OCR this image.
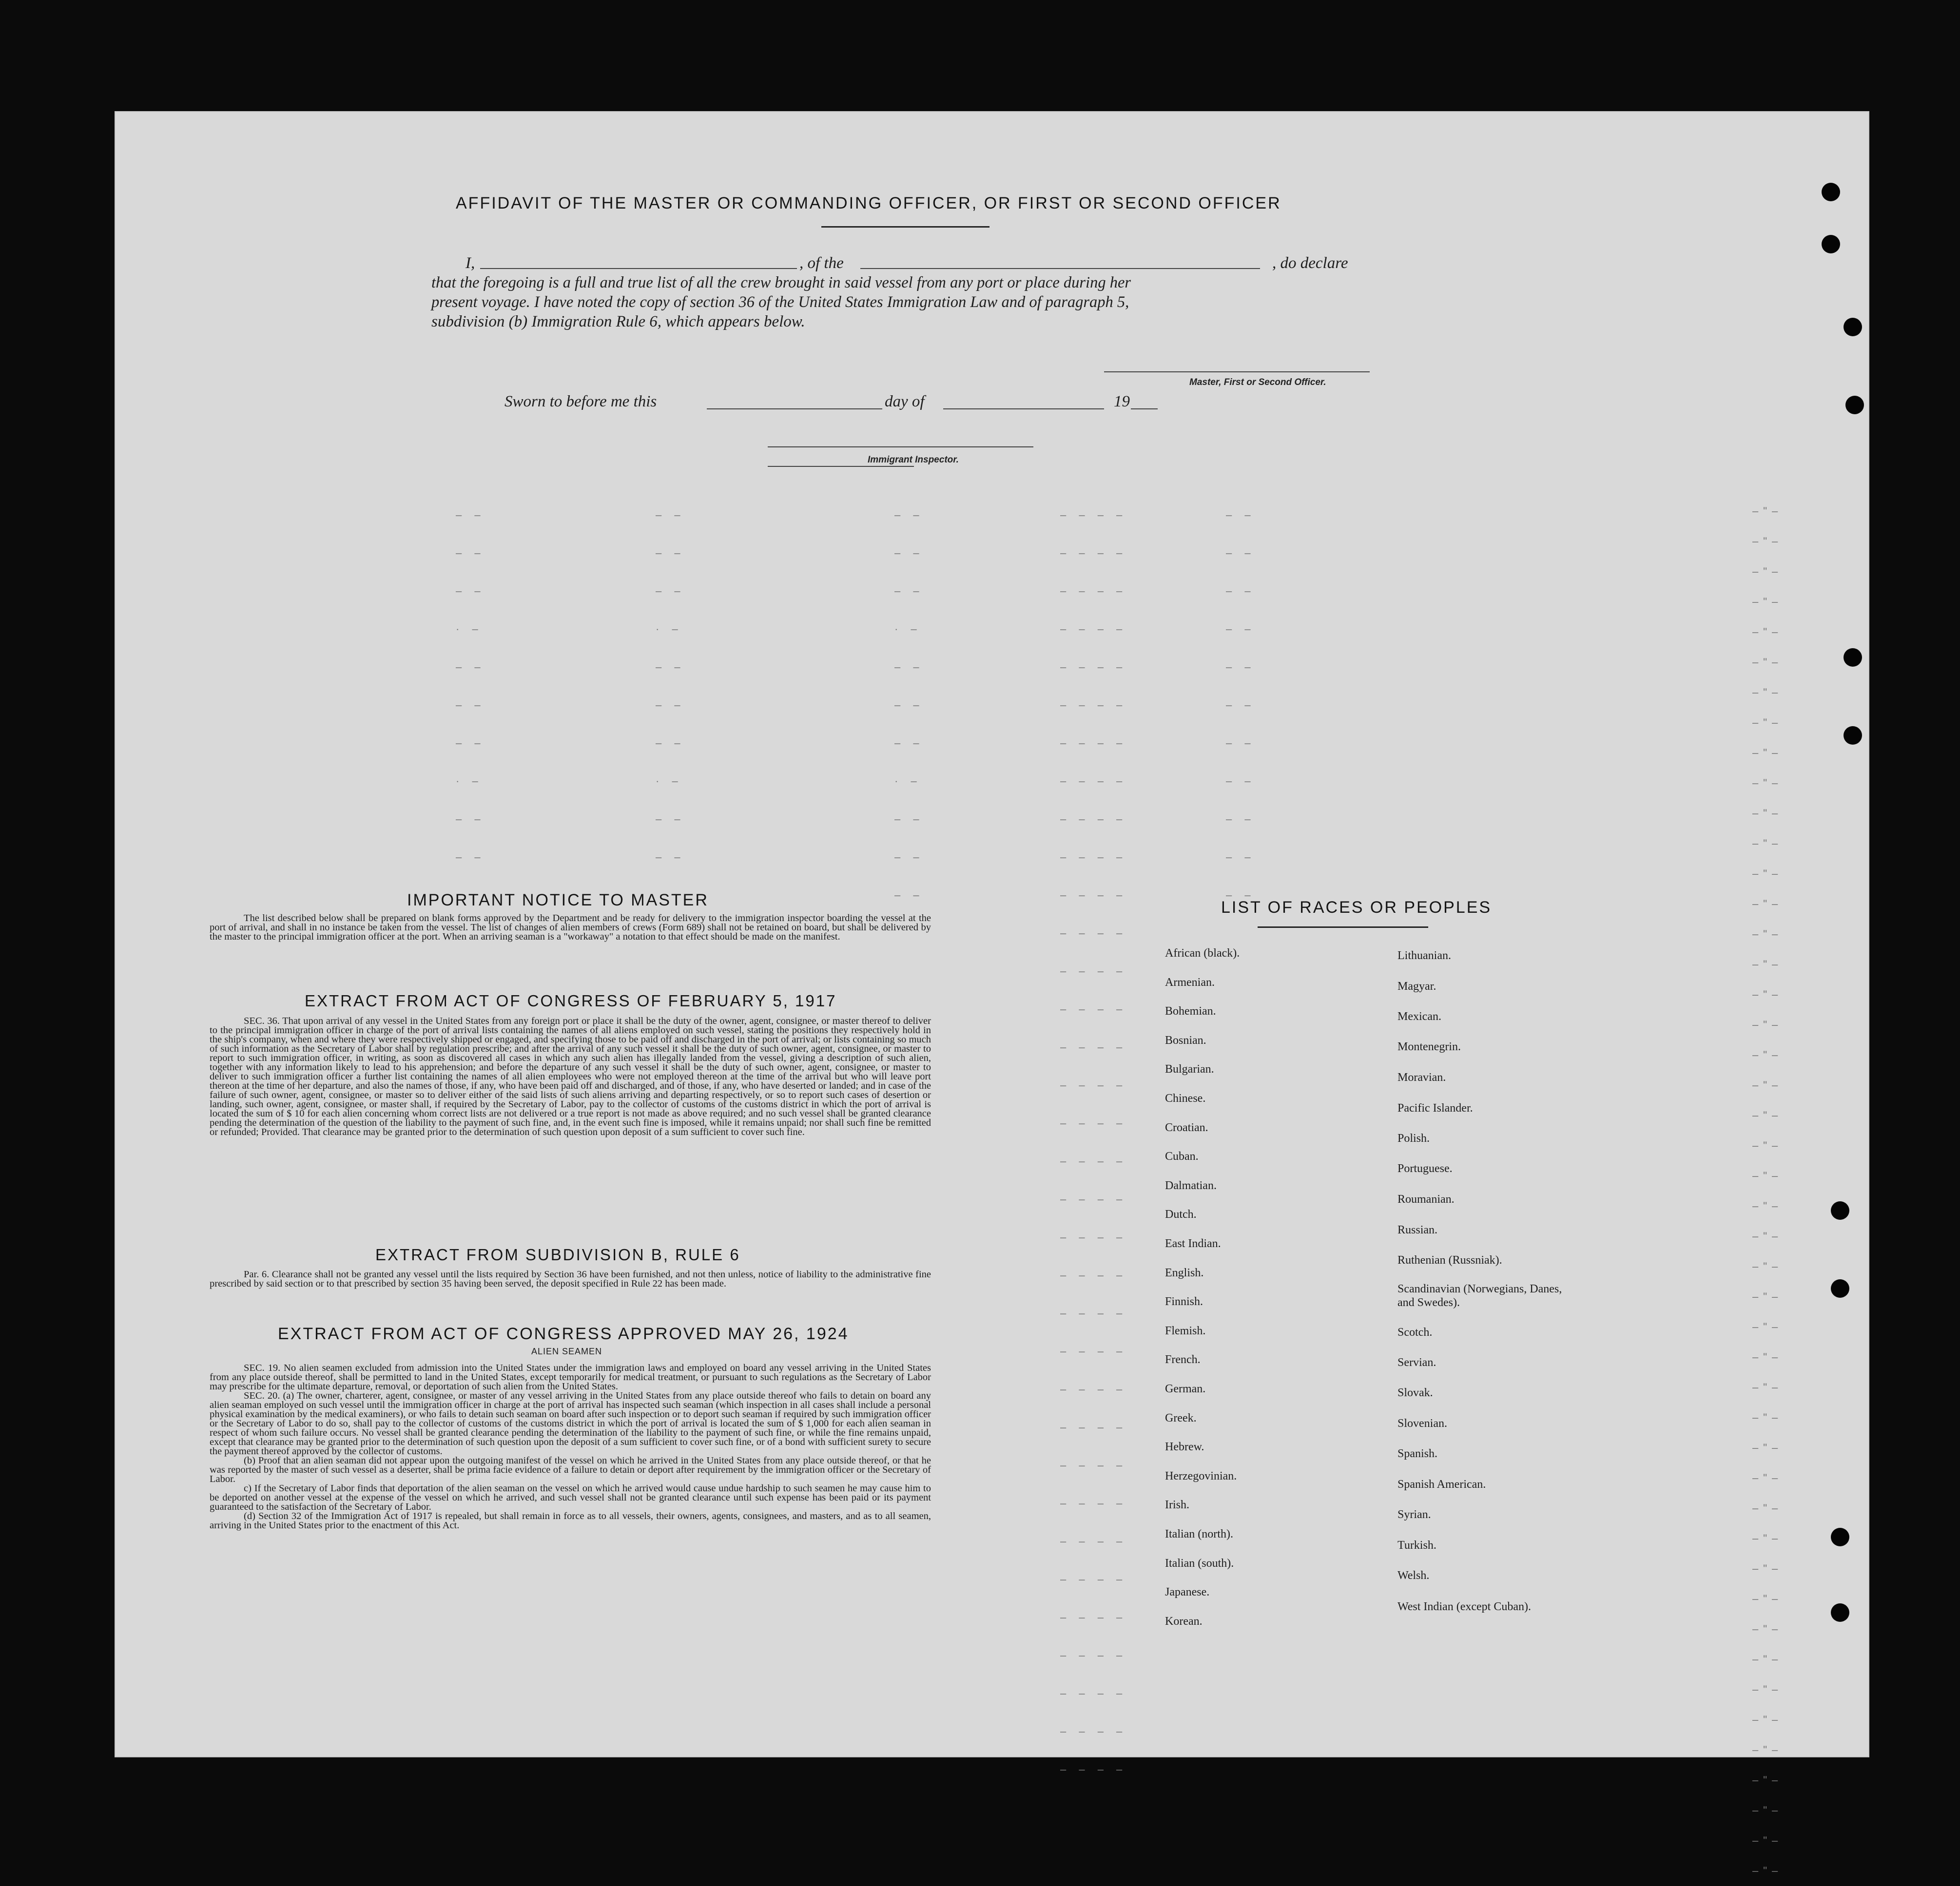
AFFIDAVIT OF THE MASTER OR COMMANDING OFFICER, OR FIRST OR SECOND OFFICER
I,	, of the	, do declare
that the foregoing is a full and true list of all the crew brought in said vessel from any port or place during her
present voyage. I have noted the copy of section 36 of the United States Immigration Law and of paragraph 5,
subdivision (b) Immigration Rule 6, which appears below.
Master, First or Second Officer.
Sworn to before me this	day of	19
Immigrant Inspector.
– –
– –
– –
· –
– –
– –
– –
· –
– –
– –
– –
– –
– –
· –
– –
– –
– –
· –
– –
– –
– –
– –
– –
· –
– –
– –
– –
· –
– –
– –
– –
– – – –
– – – –
– – – –
– – – –
– – – –
– – – –
– – – –
– – – –
– – – –
– – – –
– – – –
– – – –
– – – –
– – – –
– – – –
– – – –
– – – –
– – – –
– – – –
– – – –
– – – –
– – – –
– – – –
– – – –
– – – –
– – – –
– – – –
– – – –
– – – –
– – – –
– – – –
– – – –
– – – –
– – – –
– –
– –
– –
– –
– –
– –
– –
– –
– –
– –
– –
–"–
–"–
–"–
–"–
–"–
–"–
–"–
–"–
–"–
–"–
–"–
–"–
–"–
–"–
–"–
–"–
–"–
–"–
–"–
–"–
–"–
–"–
–"–
–"–
–"–
–"–
–"–
–"–
–"–
–"–
–"–
–"–
–"–
–"–
–"–
–"–
–"–
–"–
–"–
–"–
–"–
–"–
–"–
–"–
–"–
–"–
IMPORTANT NOTICE TO MASTER
The list described below shall be prepared on blank forms approved by the Department and be ready for delivery to the immigration inspector boarding the vessel at the port of arrival, and shall in no instance be taken from the vessel. The list of changes of alien members of crews (Form 689) shall not be retained on board, but shall be delivered by the master to the principal immigration officer at the port. When an arriving seaman is a "workaway" a notation to that effect should be made on the manifest.
EXTRACT FROM ACT OF CONGRESS OF FEBRUARY 5, 1917
SEC. 36. That upon arrival of any vessel in the United States from any foreign port or place it shall be the duty of the owner, agent, consignee, or master thereof to deliver to the principal immigration officer in charge of the port of arrival lists containing the names of all aliens employed on such vessel, stating the positions they respectively hold in the ship's company, when and where they were respectively shipped or engaged, and specifying those to be paid off and discharged in the port of arrival; or lists containing so much of such information as the Secretary of Labor shall by regulation prescribe; and after the arrival of any such vessel it shall be the duty of such owner, agent, consignee, or master to report to such immigration officer, in writing, as soon as discovered all cases in which any such alien has illegally landed from the vessel, giving a description of such alien, together with any information likely to lead to his apprehension; and before the departure of any such vessel it shall be the duty of such owner, agent, consignee, or master to deliver to such immigration officer a further list containing the names of all alien employees who were not employed thereon at the time of the arrival but who will leave port thereon at the time of her departure, and also the names of those, if any, who have been paid off and discharged, and of those, if any, who have deserted or landed; and in case of the failure of such owner, agent, consignee, or master so to deliver either of the said lists of such aliens arriving and departing respectively, or so to report such cases of desertion or landing, such owner, agent, consignee, or master shall, if required by the Secretary of Labor, pay to the collector of customs of the customs district in which the port of arrival is located the sum of $ 10 for each alien concerning whom correct lists are not delivered or a true report is not made as above required; and no such vessel shall be granted clearance pending the determination of the question of the liability to the payment of such fine, and, in the event such fine is imposed, while it remains unpaid; nor shall such fine be remitted or refunded; Provided. That clearance may be granted prior to the determination of such question upon deposit of a sum sufficient to cover such fine.
EXTRACT FROM SUBDIVISION B, RULE 6
Par. 6. Clearance shall not be granted any vessel until the lists required by Section 36 have been furnished, and not then unless, notice of liability to the administrative fine prescribed by said section or to that prescribed by section 35 having been served, the deposit specified in Rule 22 has been made.
EXTRACT FROM ACT OF CONGRESS APPROVED MAY 26, 1924
ALIEN SEAMEN

SEC. 19. No alien seamen excluded from admission into the United States under the immigration laws and employed on board any vessel arriving in the United States from any place outside thereof, shall be permitted to land in the United States, except temporarily for medical treatment, or pursuant to such regulations as the Secretary of Labor may prescribe for the ultimate departure, removal, or deportation of such alien from the United States.

SEC. 20. (a) The owner, charterer, agent, consignee, or master of any vessel arriving in the United States from any place outside thereof who fails to detain on board any alien seaman employed on such vessel until the immigration officer in charge at the port of arrival has inspected such seaman (which inspection in all cases shall include a personal physical examination by the medical examiners), or who fails to detain such seaman on board after such inspection or to deport such seaman if required by such immigration officer or the Secretary of Labor to do so, shall pay to the collector of customs of the customs district in which the port of arrival is located the sum of $ 1,000 for each alien seaman in respect of whom such failure occurs. No vessel shall be granted clearance pending the determination of the liability to the payment of such fine, or while the fine remains unpaid, except that clearance may be granted prior to the determination of such question upon the deposit of a sum sufficient to cover such fine, or of a bond with sufficient surety to secure the payment thereof approved by the collector of customs.

(b) Proof that an alien seaman did not appear upon the outgoing manifest of the vessel on which he arrived in the United States from any place outside thereof, or that he was reported by the master of such vessel as a deserter, shall be prima facie evidence of a failure to detain or deport after requirement by the immigration officer or the Secretary of Labor.

c) If the Secretary of Labor finds that deportation of the alien seaman on the vessel on which he arrived would cause undue hardship to such seamen he may cause him to be deported on another vessel at the expense of the vessel on which he arrived, and such vessel shall not be granted clearance until such expense has been paid or its payment guaranteed to the satisfaction of the Secretary of Labor.

(d) Section 32 of the Immigration Act of 1917 is repealed, but shall remain in force as to all vessels, their owners, agents, consignees, and masters, and as to all seamen, arriving in the United States prior to the enactment of this Act.

LIST OF RACES OR PEOPLES
African (black).
Armenian.
Bohemian.
Bosnian.
Bulgarian.
Chinese.
Croatian.
Cuban.
Dalmatian.
Dutch.
East Indian.
English.
Finnish.
Flemish.
French.
German.
Greek.
Hebrew.
Herzegovinian.
Irish.
Italian (north).
Italian (south).
Japanese.
Korean.
Lithuanian.
Magyar.
Mexican.
Montenegrin.
Moravian.
Pacific Islander.
Polish.
Portuguese.
Roumanian.
Russian.
Ruthenian (Russniak).
Scandinavian (Norwegians, Danes, and Swedes).
Scotch.
Servian.
Slovak.
Slovenian.
Spanish.
Spanish American.
Syrian.
Turkish.
Welsh.
West Indian (except Cuban).
